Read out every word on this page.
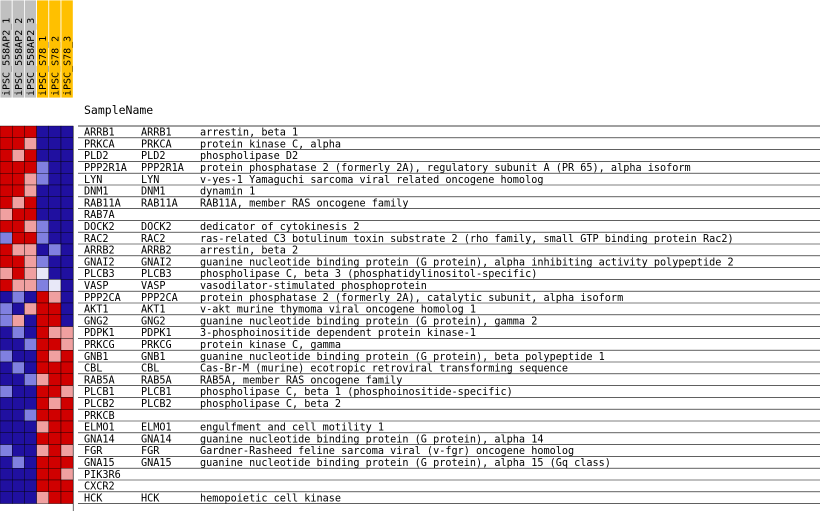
iPSC_558AP2_1 iPSC_558AP2_2 iPSC_558AP2_3 iPSC_S78_1 iPSC_S78_2 iPSC_S78_3
SampleName
ARRB1	ARRB1	arrestin, beta 1
PRKCA	PRKCA	protein kinase C, alpha
PLD2	PLD2	phospholipase D2
PPP2R1A PPP2R1A protein phosphatase 2 (formerly 2A), regulatory subunit A (PR 65), alpha isoform
LYN	LYN	v-yes-1 Yamaguchi sarcoma viral related oncogene homolog
DNM1	DNM1	dynamin 1
RAB11A RAB11A RAB11A, member RAS oncogene family
RAB7A
DOCK2	DOCK2	dedicator of cytokinesis 2
RAC2	RAC2	ras-related C3 botulinum toxin substrate 2 (rho family, small GTP binding protein Rac2)
ARRB2	ARRB2	arrestin, beta 2
GNAI2	GNAI2	guanine nucleotide binding protein (G protein), alpha inhibiting activity polypeptide 2
PLCB3	PLCB3	phospholipase C, beta 3 (phosphatidylinositol-specific)
VASP	VASP	vasodilator-stimulated phosphoprotein
PPP2CA PPP2CA protein phosphatase 2 (formerly 2A), catalytic subunit, alpha isoform
AKT1	AKT1	v-akt murine thymoma viral oncogene homolog 1
GNG2	GNG2	guanine nucleotide binding protein (G protein), gamma 2
PDPK1	PDPK1	3-phosphoinositide dependent protein kinase-1
PRKCG	PRKCG	protein kinase C, gamma
GNB1	GNB1	guanine nucleotide binding protein (G protein), beta polypeptide 1
CBL	CBL	Cas-Br-M (murine) ecotropic retroviral transforming sequence
RAB5A	RAB5A	RAB5A, member RAS oncogene family
PLCB1	PLCB1	phospholipase C, beta 1 (phosphoinositide-specific)
PLCB2	PLCB2	phospholipase C, beta 2
PRKCB
ELMO1	ELMO1	engulfment and cell motility 1
GNA14	GNA14	guanine nucleotide binding protein (G protein), alpha 14
FGR	FGR	Gardner-Rasheed feline sarcoma viral (v-fgr) oncogene homolog
GNA15	GNA15	guanine nucleotide binding protein (G protein), alpha 15 (Gq class)
PIK3R6
CXCR2
HCK	HCK	hemopoietic cell kinase
